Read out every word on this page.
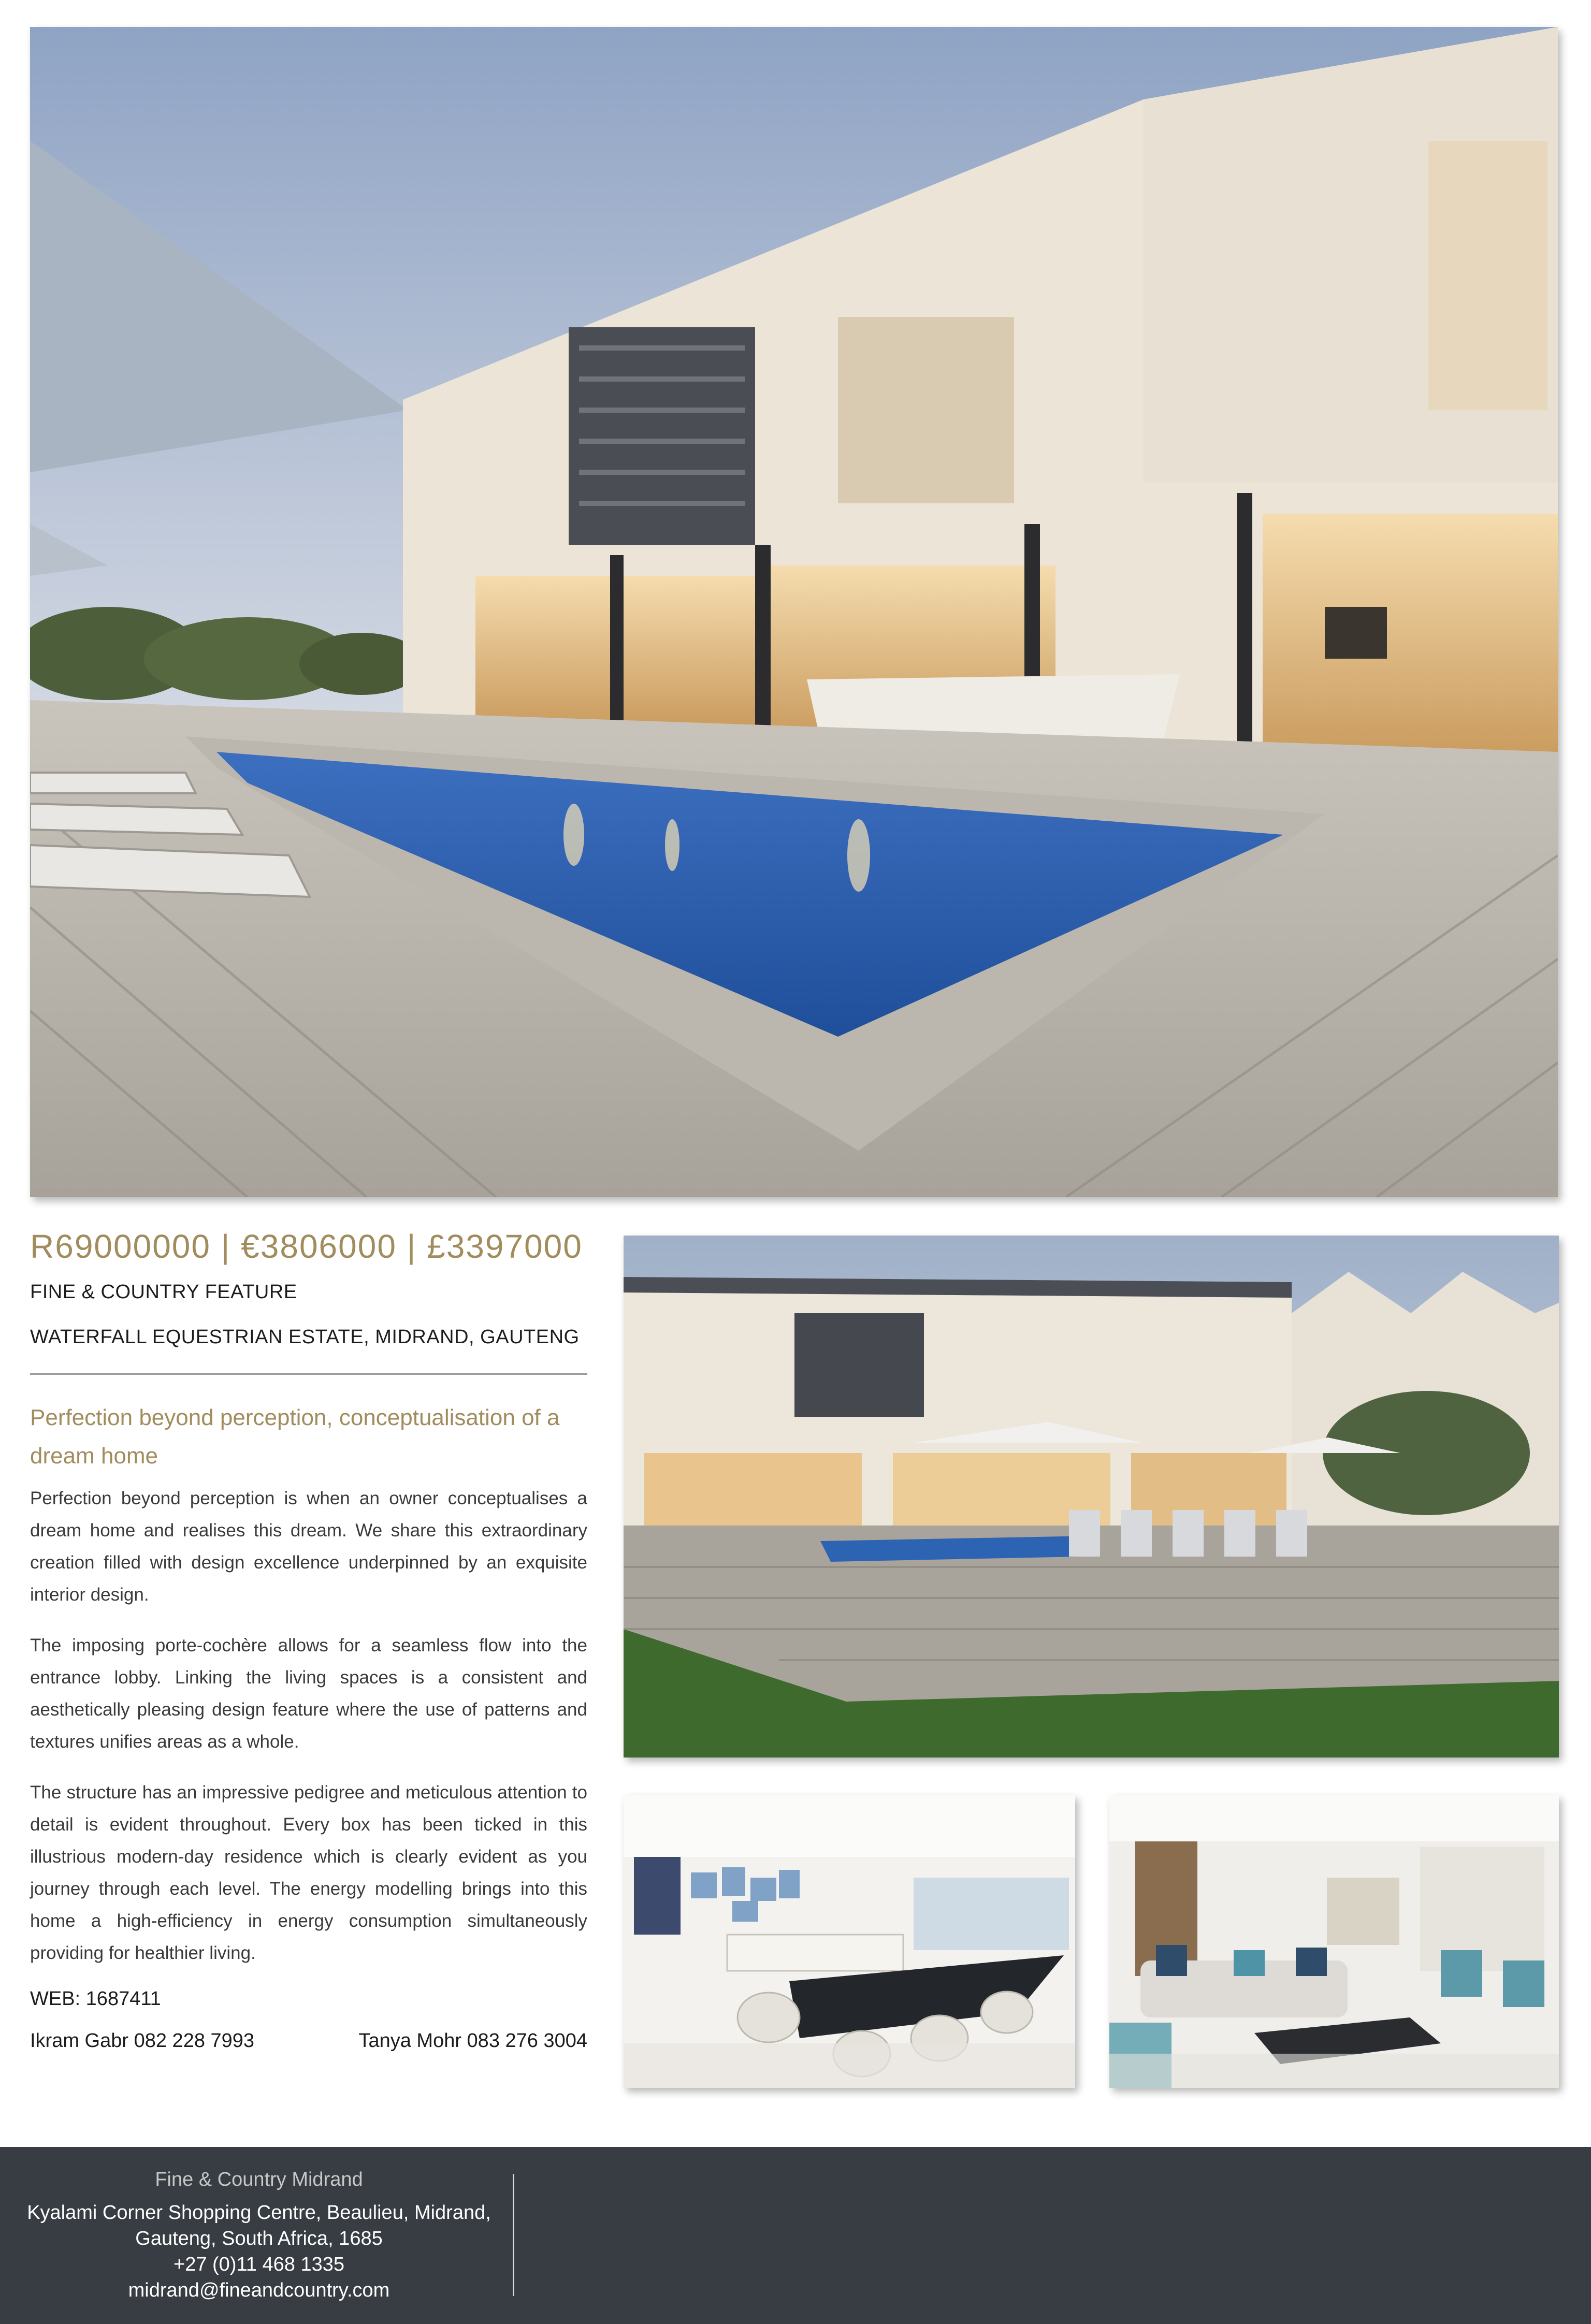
R69000000 | €3806000 | £3397000
FINE & COUNTRY FEATURE
WATERFALL EQUESTRIAN ESTATE, MIDRAND, GAUTENG
Perfection beyond perception, conceptualisation of a dream home

Perfection beyond perception is when an owner conceptualises a dream home and realises this dream. We share this extraordinary creation filled with design excellence underpinned by an exquisite interior design.

The imposing porte-cochère allows for a seamless flow into the entrance lobby. Linking the living spaces is a consistent and aesthetically pleasing design feature where the use of patterns and textures unifies areas as a whole.

The structure has an impressive pedigree and meticulous attention to detail is evident throughout. Every box has been ticked in this illustrious modern-day residence which is clearly evident as you journey through each level. The energy modelling brings into this home a high-efficiency in energy consumption simultaneously providing for healthier living.

WEB: 1687411
Ikram Gabr 082 228 7993	Tanya Mohr 083 276 3004
Fine & Country Midrand
Kyalami Corner Shopping Centre, Beaulieu, Midrand,
Gauteng, South Africa, 1685
+27 (0)11 468 1335
midrand@fineandcountry.com
